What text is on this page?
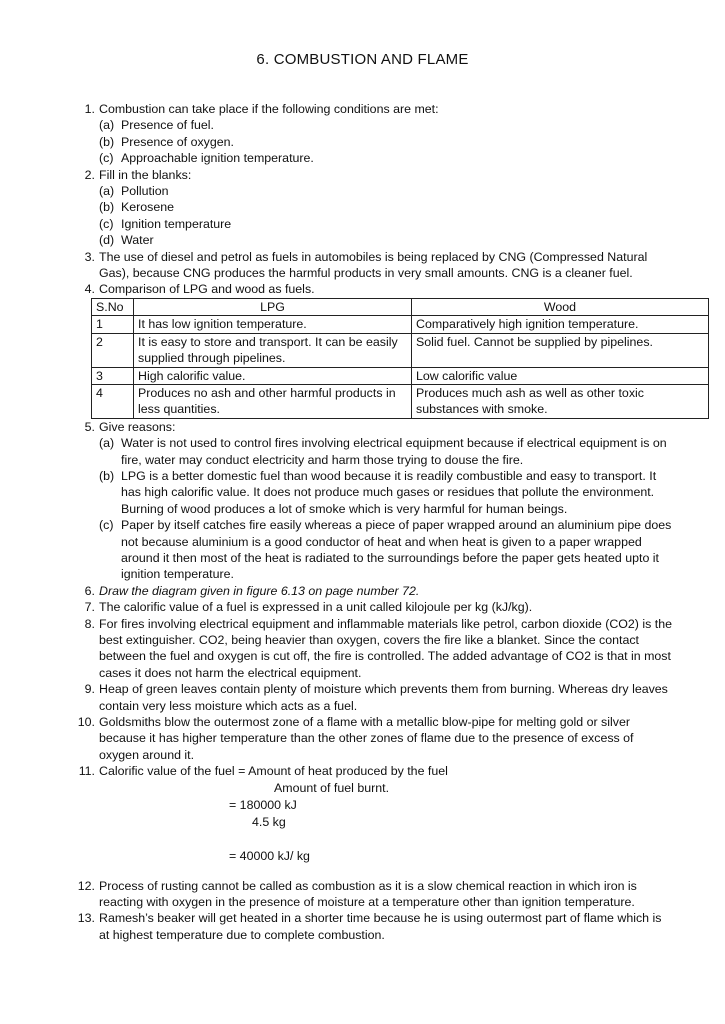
6. COMBUSTION AND FLAME
1. Combustion can take place if the following conditions are met:
(a) Presence of fuel.
(b) Presence of oxygen.
(c) Approachable ignition temperature.
2. Fill in the blanks:
(a) Pollution
(b) Kerosene
(c) Ignition temperature
(d) Water
3. The use of diesel and petrol as fuels in automobiles is being replaced by CNG (Compressed Natural Gas), because CNG produces the harmful products in very small amounts. CNG is a cleaner fuel.
4. Comparison of LPG and wood as fuels.
S.No	LPG	Wood
1	It has low ignition temperature.	Comparatively high ignition temperature.
2	It is easy to store and transport. It can be easily supplied through pipelines.	Solid fuel. Cannot be supplied by pipelines.
3	High calorific value.	Low calorific value
4	Produces no ash and other harmful products in less quantities.	Produces much ash as well as other toxic substances with smoke.
5. Give reasons:
(a) Water is not used to control fires involving electrical equipment because if electrical equipment is on fire, water may conduct electricity and harm those trying to douse the fire.
(b) LPG is a better domestic fuel than wood because it is readily combustible and easy to transport. It has high calorific value. It does not produce much gases or residues that pollute the environment. Burning of wood produces a lot of smoke which is very harmful for human beings.
(c) Paper by itself catches fire easily whereas a piece of paper wrapped around an aluminium pipe does not because aluminium is a good conductor of heat and when heat is given to a paper wrapped around it then most of the heat is radiated to the surroundings before the paper gets heated upto it ignition temperature.
6. Draw the diagram given in figure 6.13 on page number 72.
7. The calorific value of a fuel is expressed in a unit called kilojoule per kg (kJ/kg).
8. For fires involving electrical equipment and inflammable materials like petrol, carbon dioxide (CO2) is the best extinguisher. CO2, being heavier than oxygen, covers the fire like a blanket. Since the contact between the fuel and oxygen is cut off, the fire is controlled. The added advantage of CO2 is that in most cases it does not harm the electrical equipment.
9. Heap of green leaves contain plenty of moisture which prevents them from burning. Whereas dry leaves contain very less moisture which acts as a fuel.
10. Goldsmiths blow the outermost zone of a flame with a metallic blow-pipe for melting gold or silver because it has higher temperature than the other zones of flame due to the presence of excess of oxygen around it.
11. Calorific value of the fuel = Amount of heat produced by the fuel
Amount of fuel burnt.
= 180000 kJ
4.5 kg
= 40000 kJ/ kg
12. Process of rusting cannot be called as combustion as it is a slow chemical reaction in which iron is reacting with oxygen in the presence of moisture at a temperature other than ignition temperature.
13. Ramesh’s beaker will get heated in a shorter time because he is using outermost part of flame which is at highest temperature due to complete combustion.
